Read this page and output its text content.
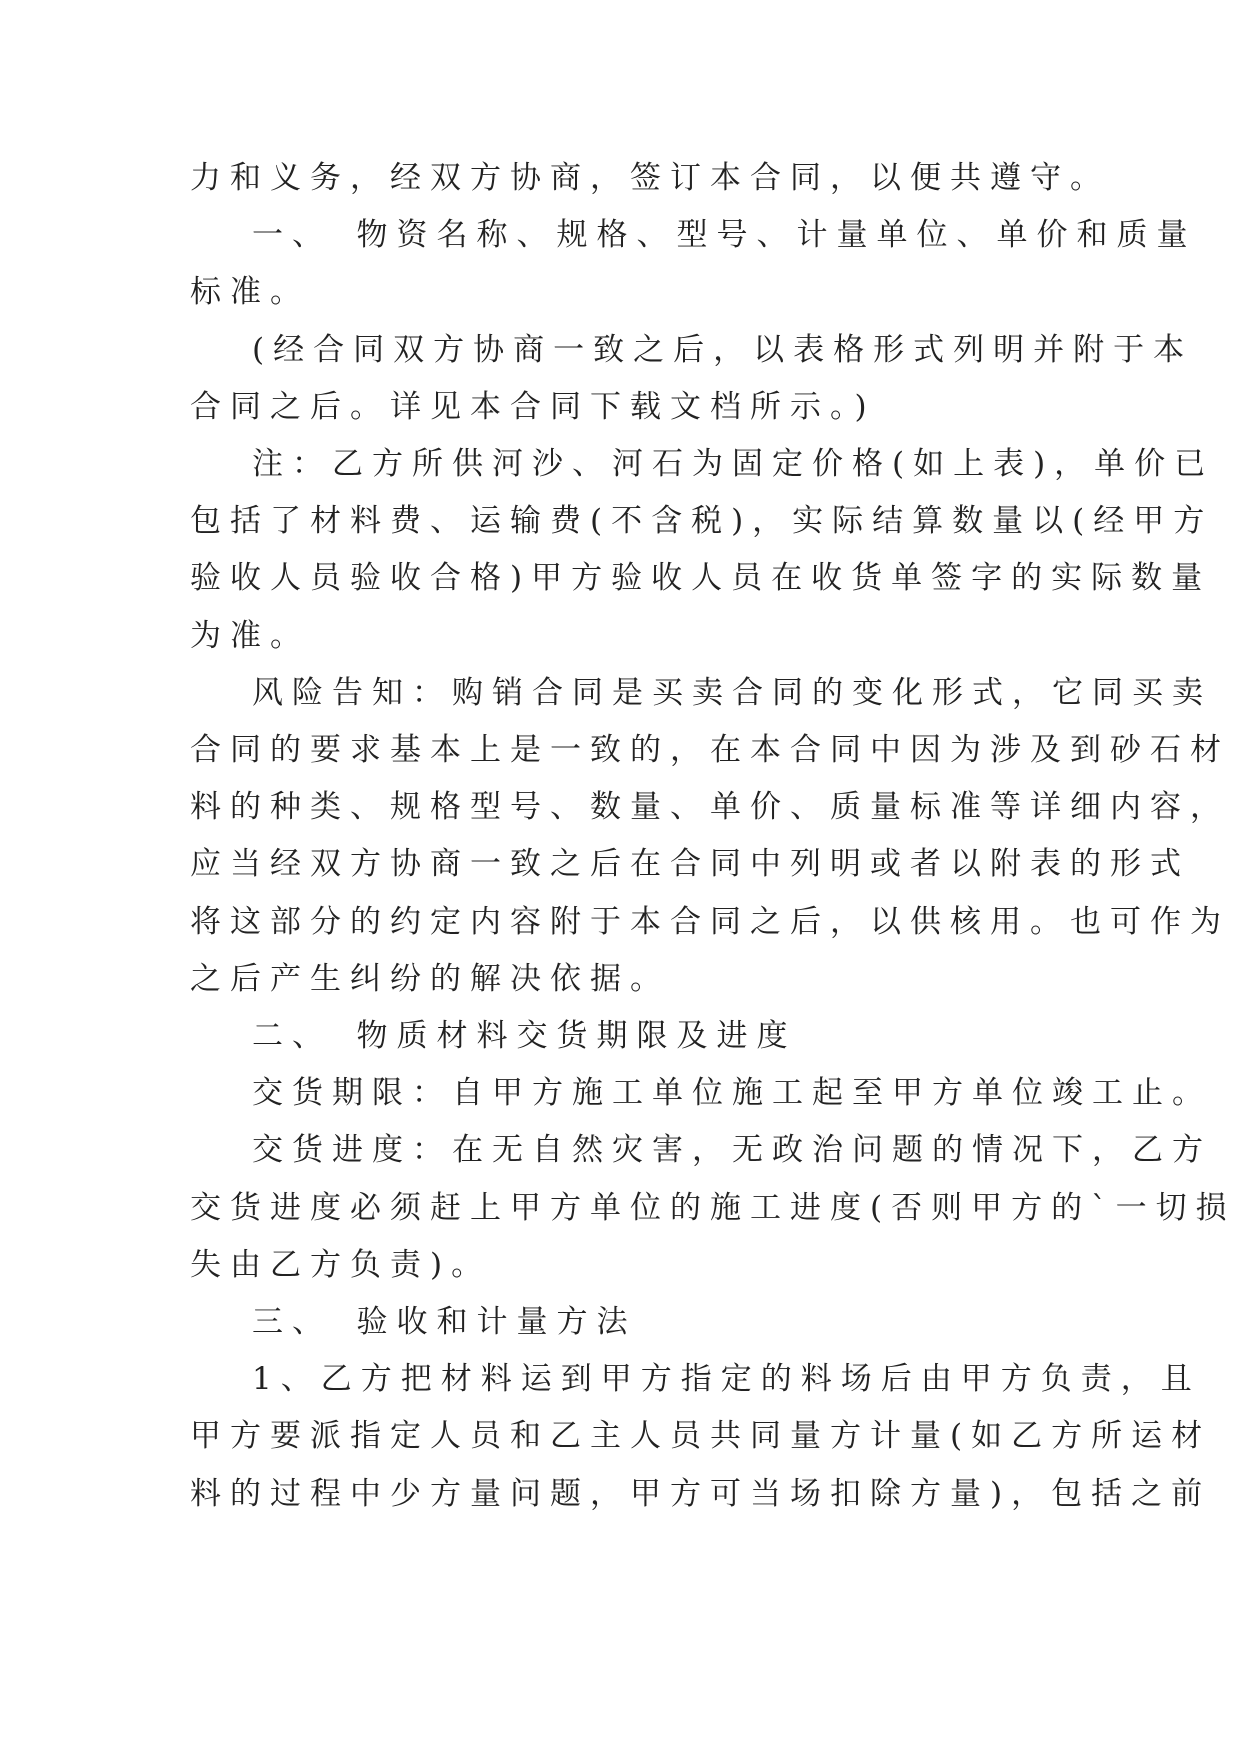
力和义务，经双方协商，签订本合同，以便共遵守。
一、　物资名称、规格、型号、计量单位、单价和质量
标准。
(经合同双方协商一致之后，以表格形式列明并附于本
合同之后。详见本合同下载文档所示。)
注：乙方所供河沙、河石为固定价格(如上表)，单价已
包括了材料费、运输费(不含税)，实际结算数量以(经甲方
验收人员验收合格)甲方验收人员在收货单签字的实际数量
为准。
风险告知：购销合同是买卖合同的变化形式，它同买卖
合同的要求基本上是一致的，在本合同中因为涉及到砂石材
料的种类、规格型号、数量、单价、质量标准等详细内容，
应当经双方协商一致之后在合同中列明或者以附表的形式
将这部分的约定内容附于本合同之后，以供核用。也可作为
之后产生纠纷的解决依据。
二、　物质材料交货期限及进度
交货期限：自甲方施工单位施工起至甲方单位竣工止。
交货进度：在无自然灾害，无政治问题的情况下，乙方
交货进度必须赶上甲方单位的施工进度(否则甲方的`一切损
失由乙方负责)。
三、　验收和计量方法
1、乙方把材料运到甲方指定的料场后由甲方负责，且
甲方要派指定人员和乙主人员共同量方计量(如乙方所运材
料的过程中少方量问题，甲方可当场扣除方量)，包括之前
